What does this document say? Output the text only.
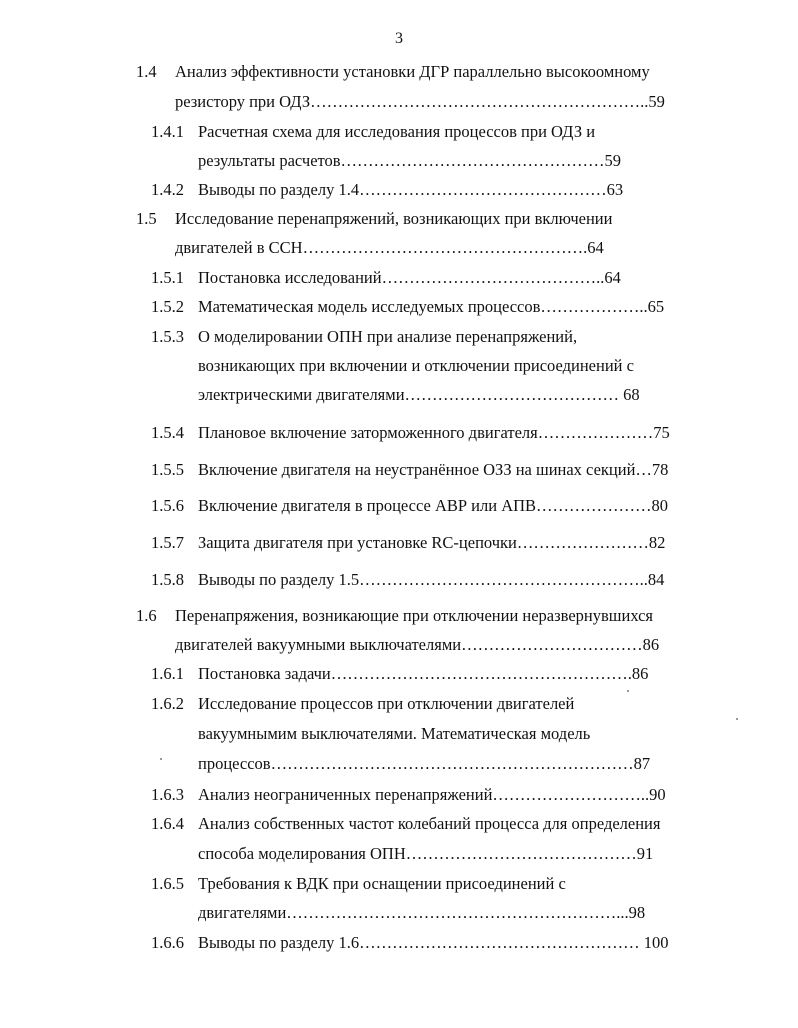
3
1.4 Анализ эффективности установки ДГР параллельно высокоомному
резистору при ОДЗ……………………………………………………..59
1.4.1 Расчетная схема для исследования процессов при ОДЗ и
результаты расчетов…………………………………………59
1.4.2 Выводы по разделу 1.4………………………………………63
1.5 Исследование перенапряжений, возникающих при включении
двигателей в ССН…………………………………………….64
1.5.1 Постановка исследований…………………………………..64
1.5.2 Математическая модель исследуемых процессов………………..65
1.5.3 О моделировании ОПН при анализе перенапряжений,
возникающих при включении и отключении присоединений с
электрическими двигателями………………………………… 68
1.5.4 Плановое включение заторможенного двигателя…………………75
1.5.5 Включение двигателя на неустранённое ОЗЗ на шинах секций…78
1.5.6 Включение двигателя в процессе АВР или АПВ…………………80
1.5.7 Защита двигателя при установке RC-цепочки……………………82
1.5.8 Выводы по разделу 1.5……………………………………………..84
1.6 Перенапряжения, возникающие при отключении неразвернувшихся
двигателей вакуумными выключателями……………………………86
1.6.1 Постановка задачи……………………………………………….86
1.6.2 Исследование процессов при отключении двигателей
вакуумнымим выключателями. Математическая модель
процессов…………………………………………………………87
1.6.3 Анализ неограниченных перенапряжений………………………..90
1.6.4 Анализ собственных частот колебаний процесса для определения
способа моделирования ОПН……………………………………91
1.6.5 Требования к ВДК при оснащении присоединений с
двигателями……………………………………………………...98
1.6.6 Выводы по разделу 1.6…………………………………………… 100
